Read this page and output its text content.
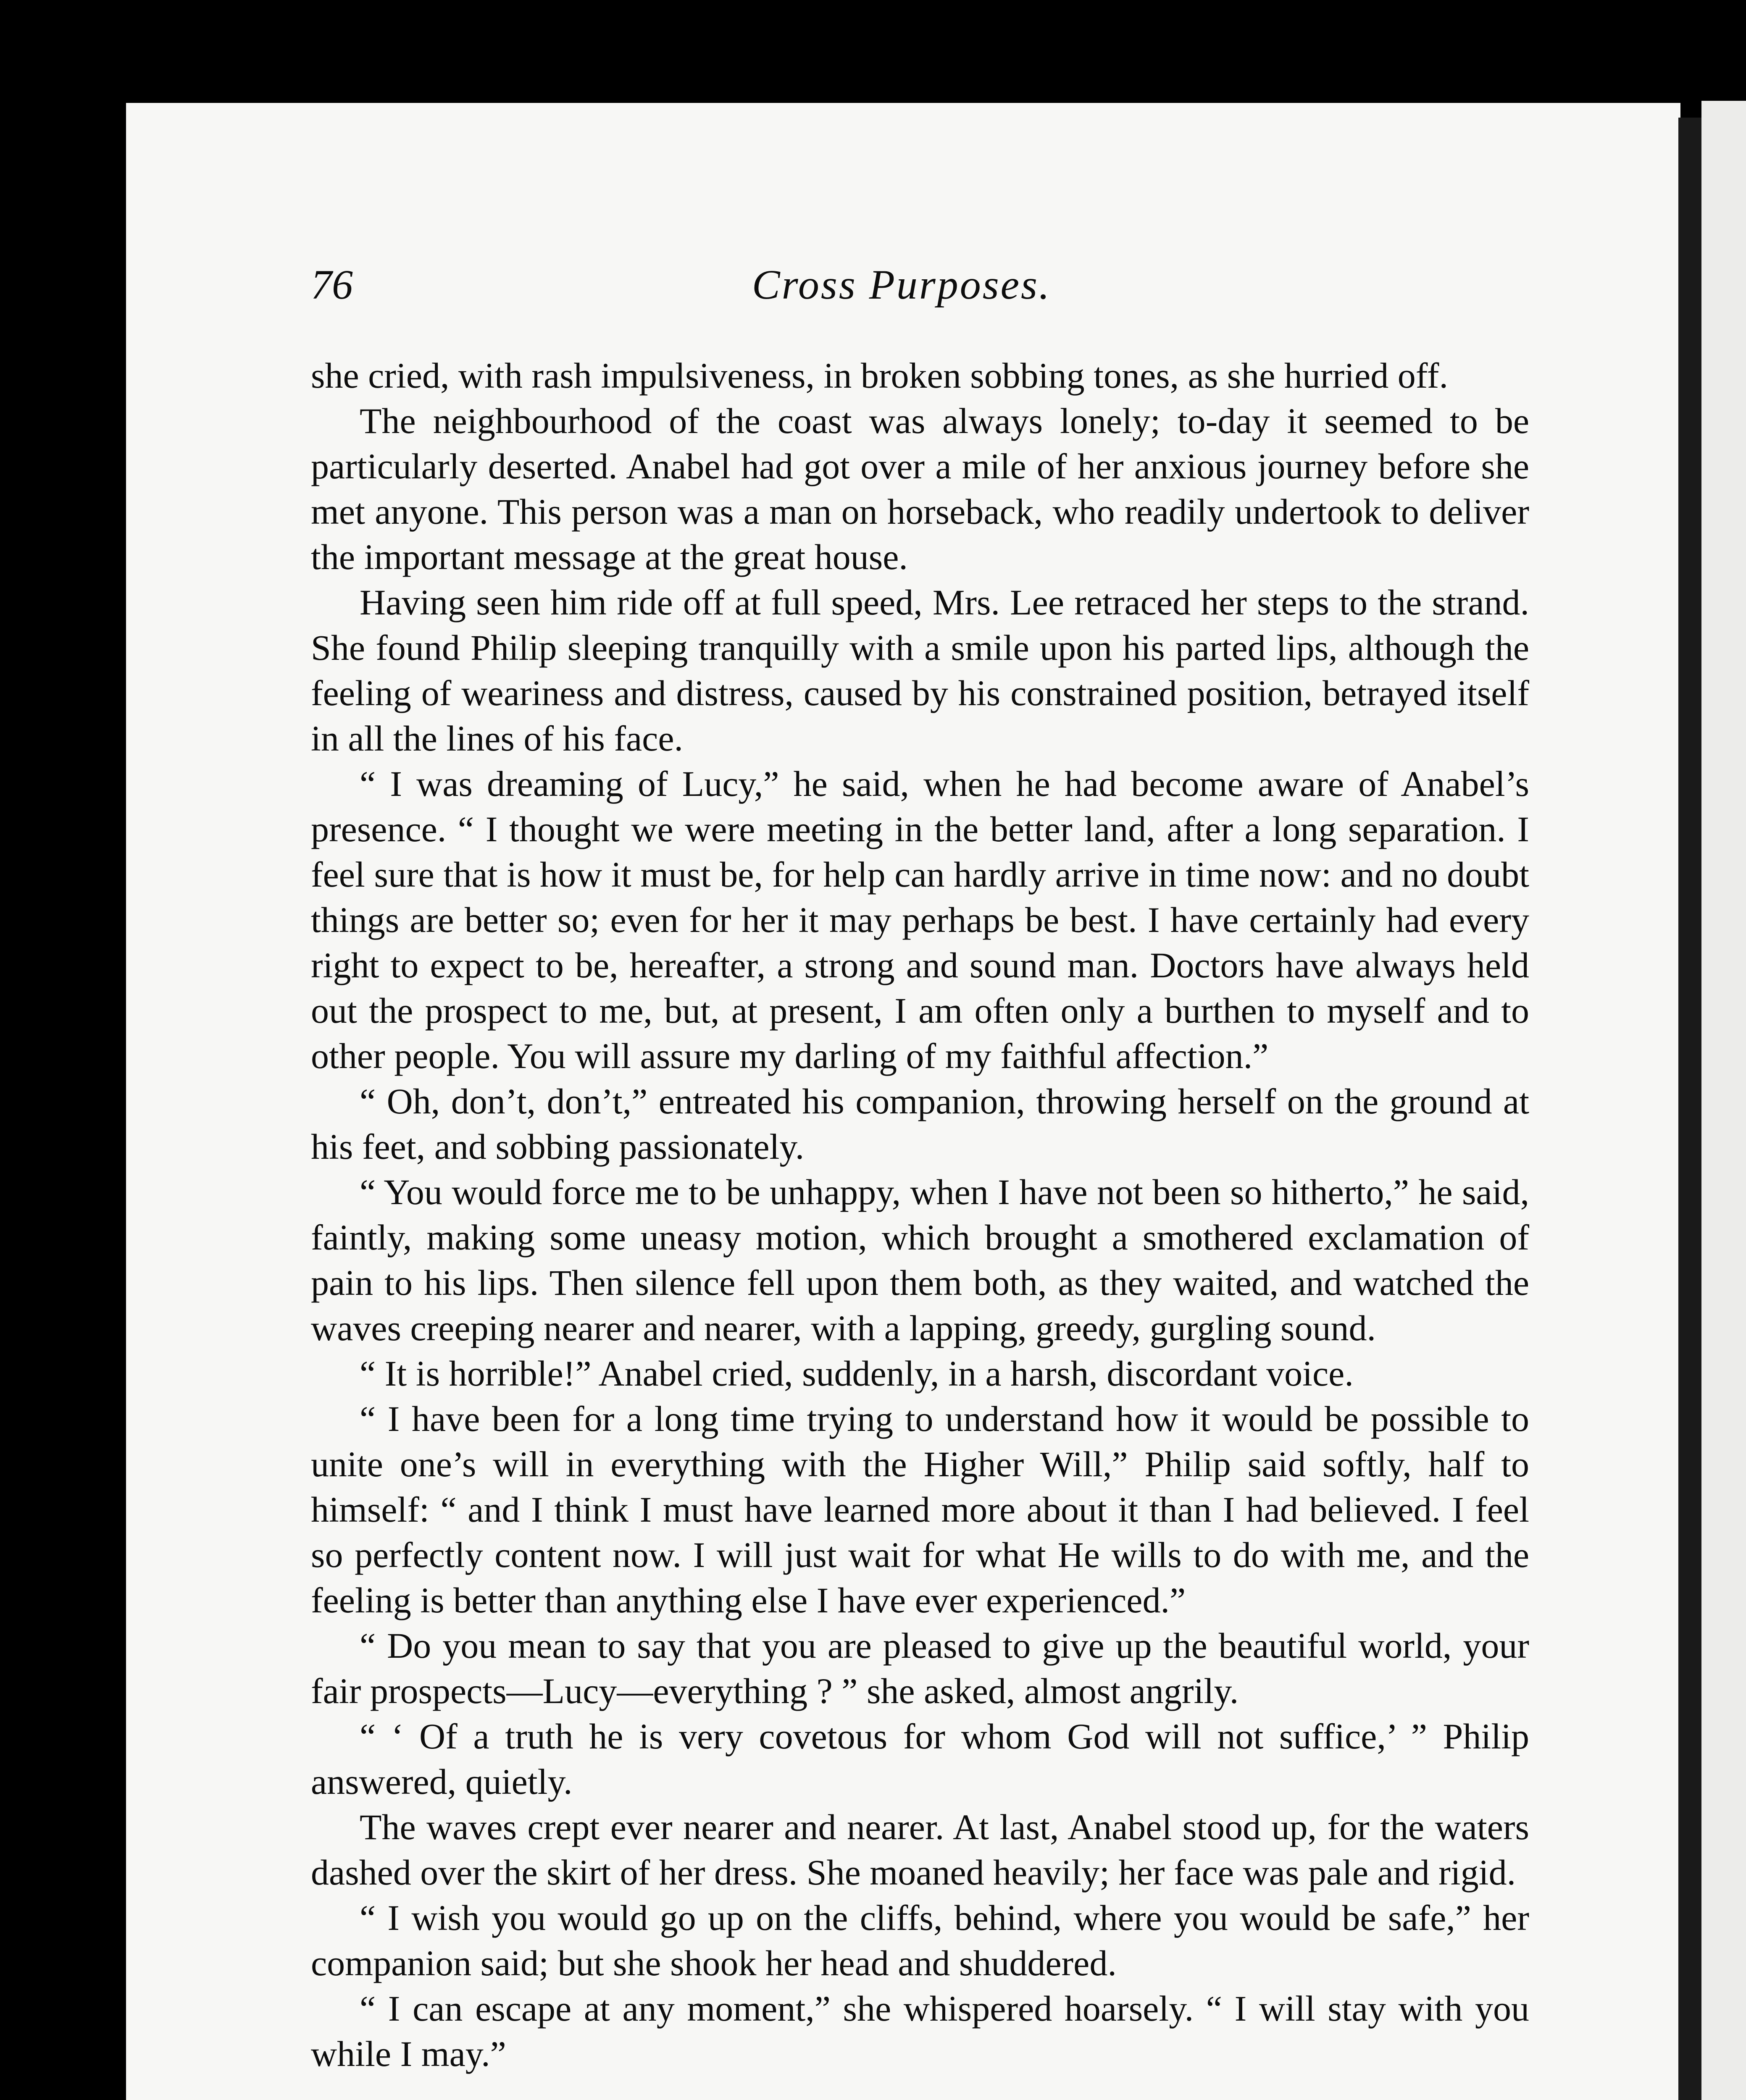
76	Cross Purposes.

she cried, with rash impulsiveness, in broken sobbing tones, as she hurried off.

The neighbourhood of the coast was always lonely; to-day it seemed to be particularly deserted. Anabel had got over a mile of her anxious journey before she met anyone. This person was a man on horseback, who readily undertook to deliver the important message at the great house.

Having seen him ride off at full speed, Mrs. Lee retraced her steps to the strand. She found Philip sleeping tranquilly with a smile upon his parted lips, although the feeling of weariness and distress, caused by his constrained position, betrayed itself in all the lines of his face.

“ I was dreaming of Lucy,” he said, when he had become aware of Anabel’s presence. “ I thought we were meeting in the better land, after a long separation. I feel sure that is how it must be, for help can hardly arrive in time now: and no doubt things are better so; even for her it may perhaps be best. I have certainly had every right to expect to be, hereafter, a strong and sound man. Doctors have always held out the prospect to me, but, at present, I am often only a burthen to myself and to other people. You will assure my darling of my faithful affection.”

“ Oh, don’t, don’t,” entreated his companion, throwing herself on the ground at his feet, and sobbing passionately.

“ You would force me to be unhappy, when I have not been so hitherto,” he said, faintly, making some uneasy motion, which brought a smothered exclamation of pain to his lips. Then silence fell upon them both, as they waited, and watched the waves creeping nearer and nearer, with a lapping, greedy, gurgling sound.

“ It is horrible!” Anabel cried, suddenly, in a harsh, discordant voice.

“ I have been for a long time trying to understand how it would be possible to unite one’s will in everything with the Higher Will,” Philip said softly, half to himself: “ and I think I must have learned more about it than I had believed. I feel so perfectly content now. I will just wait for what He wills to do with me, and the feeling is better than anything else I have ever experienced.”

“ Do you mean to say that you are pleased to give up the beautiful world, your fair prospects—Lucy—everything ? ” she asked, almost angrily.

“ ‘ Of a truth he is very covetous for whom God will not suffice,’ ” Philip answered, quietly.

The waves crept ever nearer and nearer. At last, Anabel stood up, for the waters dashed over the skirt of her dress. She moaned heavily; her face was pale and rigid.

“ I wish you would go up on the cliffs, behind, where you would be safe,” her companion said; but she shook her head and shuddered.

“ I can escape at any moment,” she whispered hoarsely. “ I will stay with you while I may.”
